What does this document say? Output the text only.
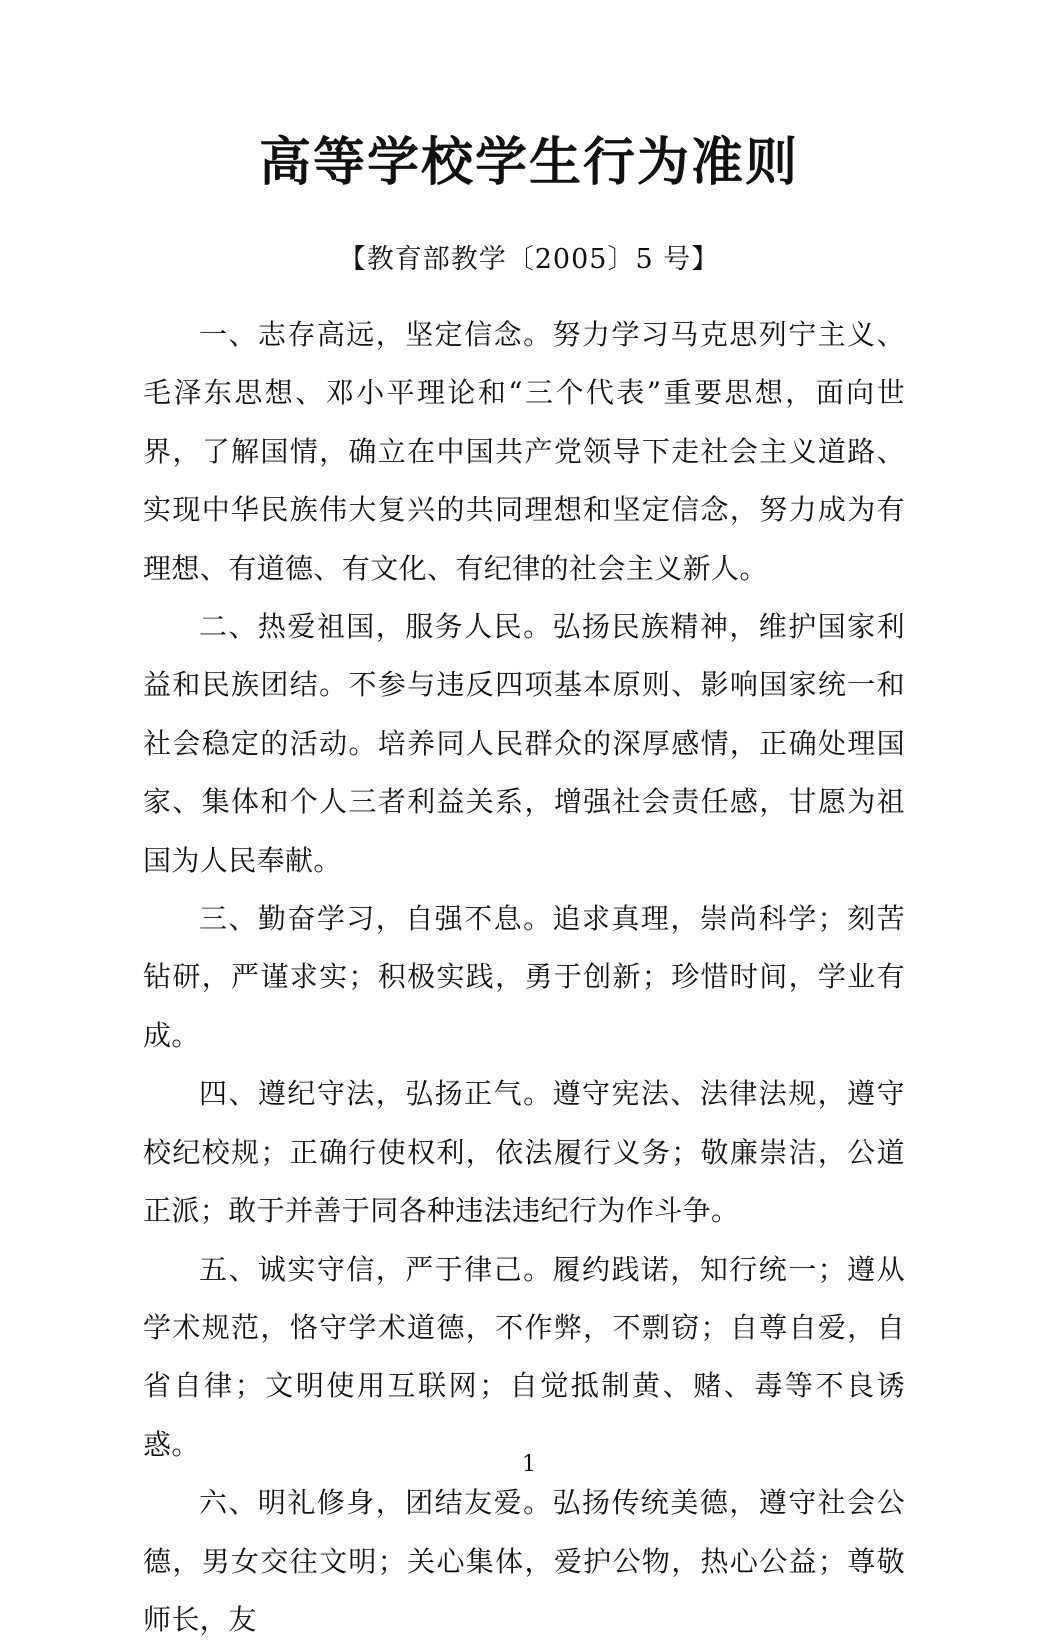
高等学校学生行为准则
【教育部教学〔2005〕5 号】

一、志存高远，坚定信念。努力学习马克思列宁主义、毛泽东思想、邓小平理论和“三个代表”重要思想，面向世界，了解国情，确立在中国共产党领导下走社会主义道路、实现中华民族伟大复兴的共同理想和坚定信念，努力成为有理想、有道德、有文化、有纪律的社会主义新人。

二、热爱祖国，服务人民。弘扬民族精神，维护国家利益和民族团结。不参与违反四项基本原则、影响国家统一和社会稳定的活动。培养同人民群众的深厚感情，正确处理国家、集体和个人三者利益关系，增强社会责任感，甘愿为祖国为人民奉献。

三、勤奋学习，自强不息。追求真理，崇尚科学；刻苦钻研，严谨求实；积极实践，勇于创新；珍惜时间，学业有成。

四、遵纪守法，弘扬正气。遵守宪法、法律法规，遵守校纪校规；正确行使权利，依法履行义务；敬廉崇洁，公道正派；敢于并善于同各种违法违纪行为作斗争。

五、诚实守信，严于律己。履约践诺，知行统一；遵从学术规范，恪守学术道德，不作弊，不剽窃；自尊自爱，自省自律；文明使用互联网；自觉抵制黄、赌、毒等不良诱惑。

六、明礼修身，团结友爱。弘扬传统美德，遵守社会公德，男女交往文明；关心集体，爱护公物，热心公益；尊敬师长，友

1
